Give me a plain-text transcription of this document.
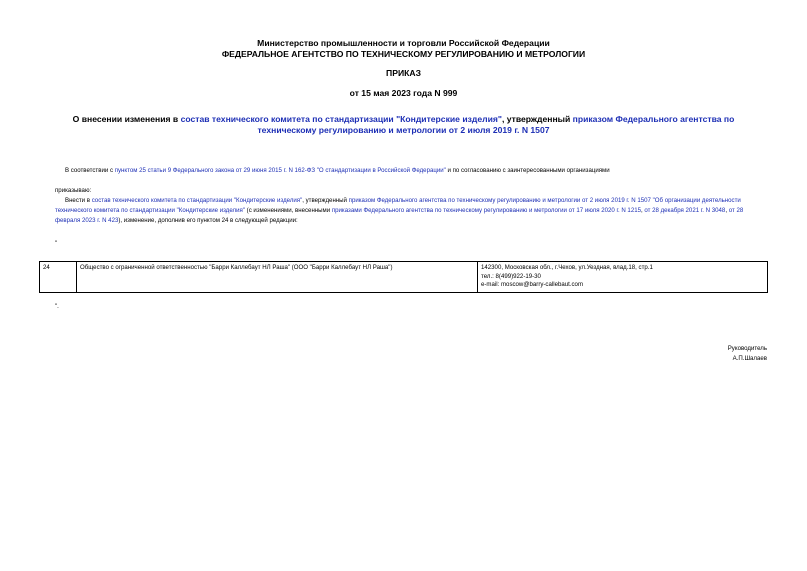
Министерство промышленности и торговли Российской Федерации
ФЕДЕРАЛЬНОЕ АГЕНТСТВО ПО ТЕХНИЧЕСКОМУ РЕГУЛИРОВАНИЮ И МЕТРОЛОГИИ
ПРИКАЗ
от 15 мая 2023 года N 999
О внесении изменения в состав технического комитета по стандартизации "Кондитерские изделия", утвержденный приказом Федерального агентства по техническому регулированию и метрологии от 2 июля 2019 г. N 1507
В соответствии с пунктом 25 статьи 9 Федерального закона от 29 июня 2015 г. N 162-ФЗ "О стандартизации в Российской Федерации" и по согласованию с заинтересованными организациями
приказываю:
Внести в состав технического комитета по стандартизации "Кондитерские изделия", утвержденный приказом Федерального агентства по техническому регулированию и метрологии от 2 июля 2019 г. N 1507 "Об организации деятельности технического комитета по стандартизации "Кондитерские изделия" (с изменениями, внесенными приказами Федерального агентства по техническому регулированию и метрологии от 17 июля 2020 г. N 1215, от 28 декабря 2021 г. N 3048, от 28 февраля 2023 г. N 423), изменение, дополнив его пунктом 24 в следующей редакции:
"
24	Общество с ограниченной ответственностью "Барри Каллебаут НЛ Раша" (ООО "Барри Каллебаут НЛ Раша")	142300, Московская обл., г.Чехов, ул.Уездная, влад.18, стр.1
тел.: 8(499)922-19-30
e-mail: moscow@barry-callebaut.com
".
Руководитель
А.П.Шалаев
